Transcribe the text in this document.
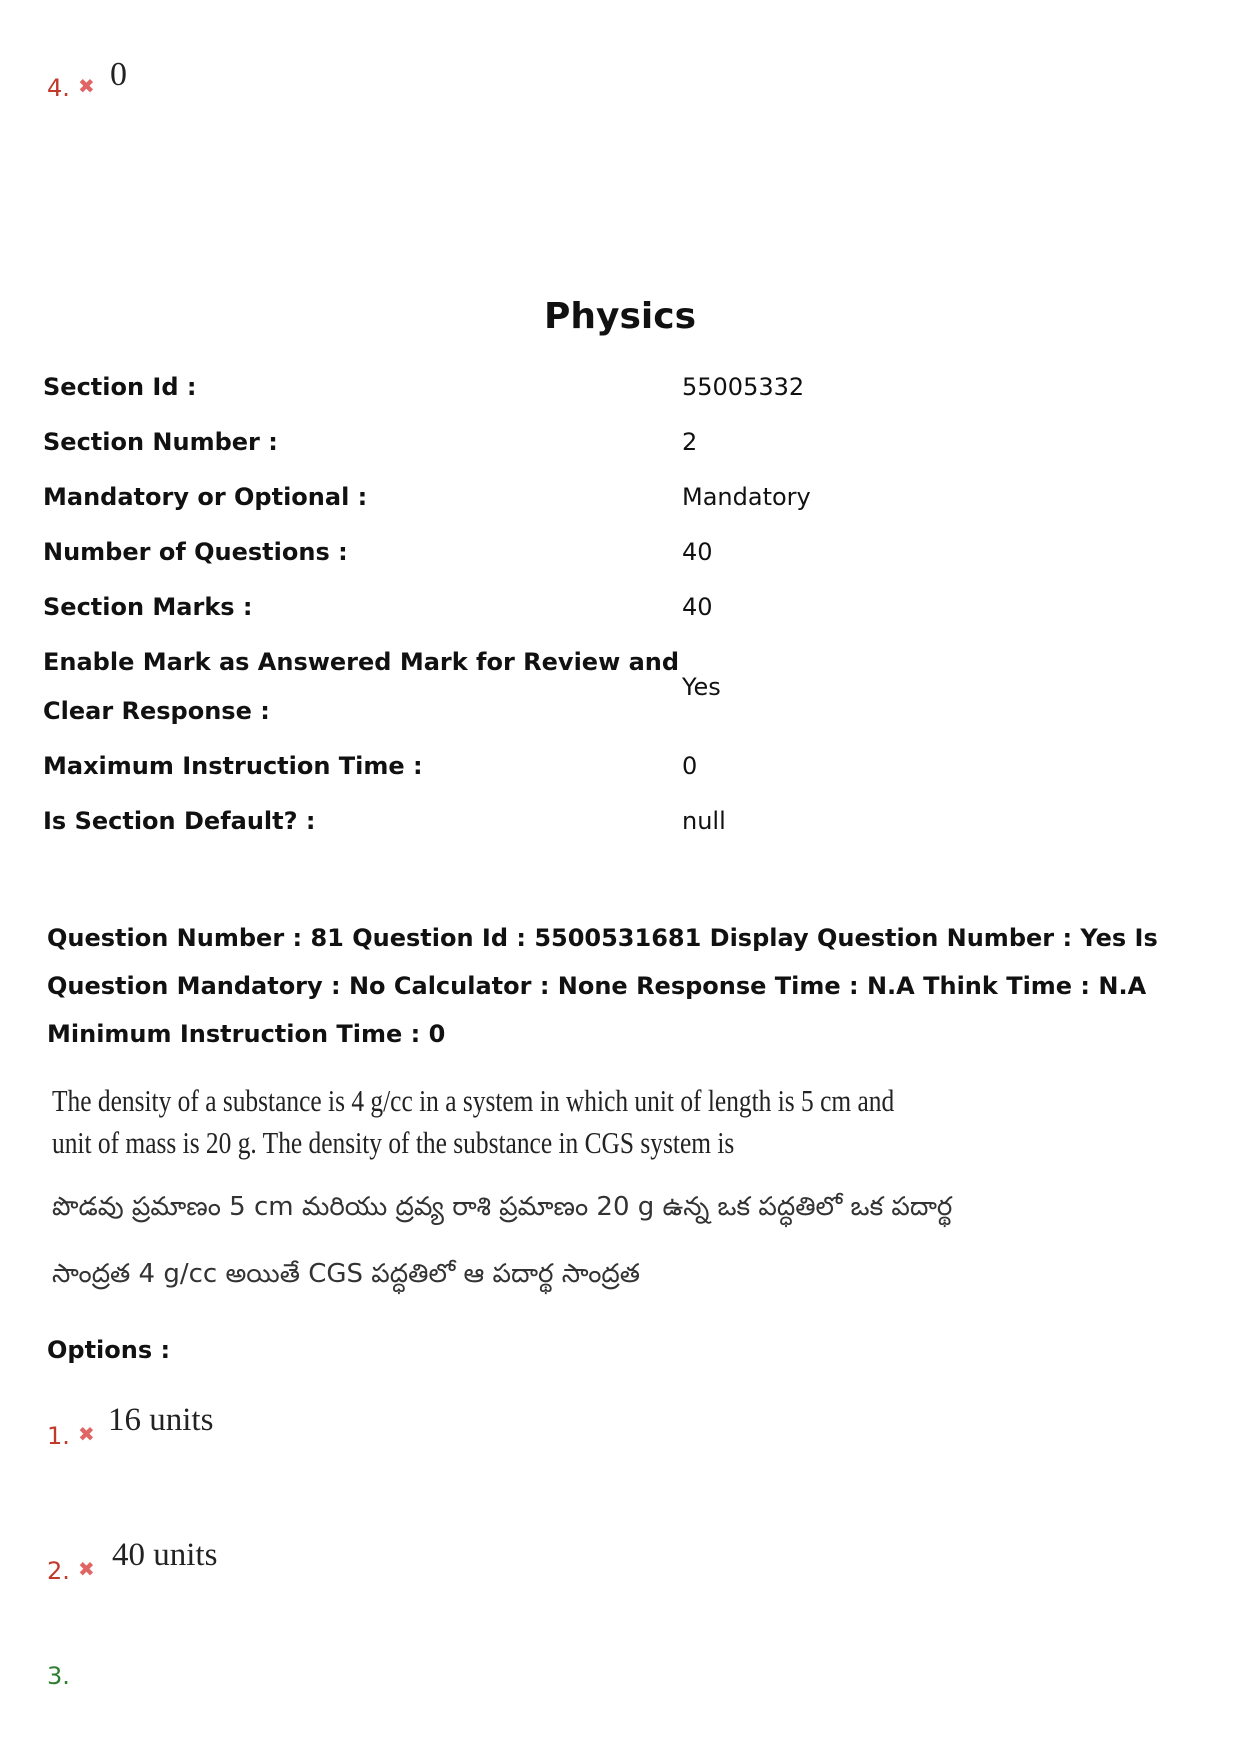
4. ✖ 0
Physics
Section Id :	55005332
Section Number :	2
Mandatory or Optional :	Mandatory
Number of Questions :	40
Section Marks :	40
Enable Mark as Answered Mark for Review and
Clear Response :
Yes
Maximum Instruction Time :	0
Is Section Default? :	null
Question Number : 81 Question Id : 5500531681 Display Question Number : Yes Is Question Mandatory : No Calculator : None Response Time : N.A Think Time : N.A Minimum Instruction Time : 0
The density of a substance is 4 g/cc in a system in which unit of length is 5 cm and
unit of mass is 20 g. The density of the substance in CGS system is
పొడవు ప్రమాణం 5 cm మరియు ద్రవ్య రాశి ప్రమాణం 20 g ఉన్న ఒక పద్ధతిలో ఒక పదార్థ
సాంద్రత 4 g/cc అయితే CGS పద్ధతిలో ఆ పదార్థ సాంద్రత
Options :
1. ✖ 16 units
2. ✖ 40 units
3.
